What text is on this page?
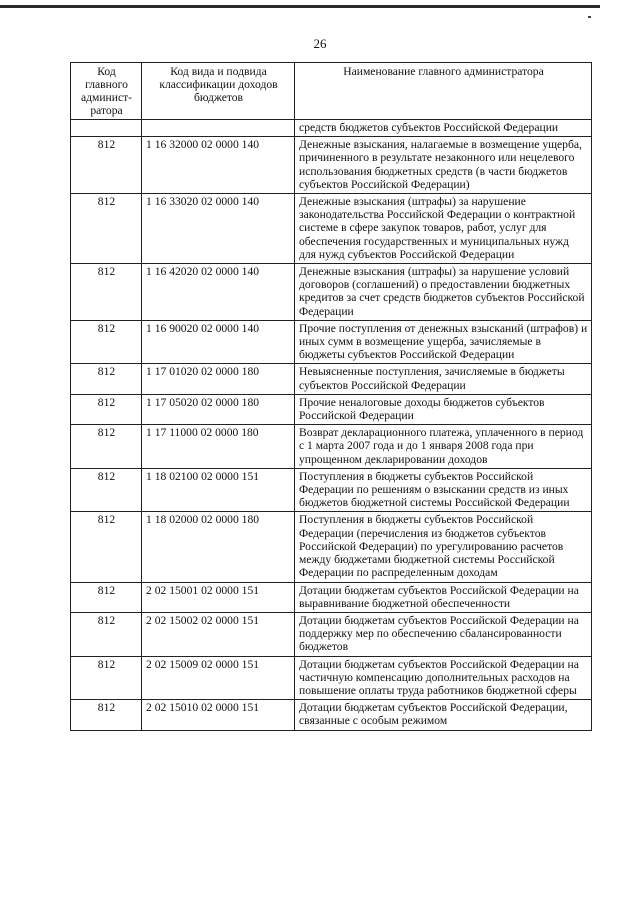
26
Код главного админист-ратора	Код вида и подвида классификации доходов бюджетов	Наименование главного администратора
		средств бюджетов субъектов Российской Федерации
812	1 16 32000 02 0000 140	Денежные взыскания, налагаемые в возмещение ущерба, причиненного в результате незаконного или нецелевого использования бюджетных средств (в части бюджетов субъектов Российской Федерации)
812	1 16 33020 02 0000 140	Денежные взыскания (штрафы) за нарушение законодательства Российской Федерации о контрактной системе в сфере закупок товаров, работ, услуг для обеспечения государственных и муниципальных нужд для нужд субъектов Российской Федерации
812	1 16 42020 02 0000 140	Денежные взыскания (штрафы) за нарушение условий договоров (соглашений) о предоставлении бюджетных кредитов за счет средств бюджетов субъектов Российской Федерации
812	1 16 90020 02 0000 140	Прочие поступления от денежных взысканий (штрафов) и иных сумм в возмещение ущерба, зачисляемые в бюджеты субъектов Российской Федерации
812	1 17 01020 02 0000 180	Невыясненные поступления, зачисляемые в бюджеты субъектов Российской Федерации
812	1 17 05020 02 0000 180	Прочие неналоговые доходы бюджетов субъектов Российской Федерации
812	1 17 11000 02 0000 180	Возврат декларационного платежа, уплаченного в период с 1 марта 2007 года и до 1 января 2008 года при упрощенном декларировании доходов
812	1 18 02100 02 0000 151	Поступления в бюджеты субъектов Российской Федерации по решениям о взыскании средств из иных бюджетов бюджетной системы Российской Федерации
812	1 18 02000 02 0000 180	Поступления в бюджеты субъектов Российской Федерации (перечисления из бюджетов субъектов Российской Федерации) по урегулированию расчетов между бюджетами бюджетной системы Российской Федерации по распределенным доходам
812	2 02 15001 02 0000 151	Дотации бюджетам субъектов Российской Федерации на выравнивание бюджетной обеспеченности
812	2 02 15002 02 0000 151	Дотации бюджетам субъектов Российской Федерации на поддержку мер по обеспечению сбалансированности бюджетов
812	2 02 15009 02 0000 151	Дотации бюджетам субъектов Российской Федерации на частичную компенсацию дополнительных расходов на повышение оплаты труда работников бюджетной сферы
812	2 02 15010 02 0000 151	Дотации бюджетам субъектов Российской Федерации, связанные с особым режимом
